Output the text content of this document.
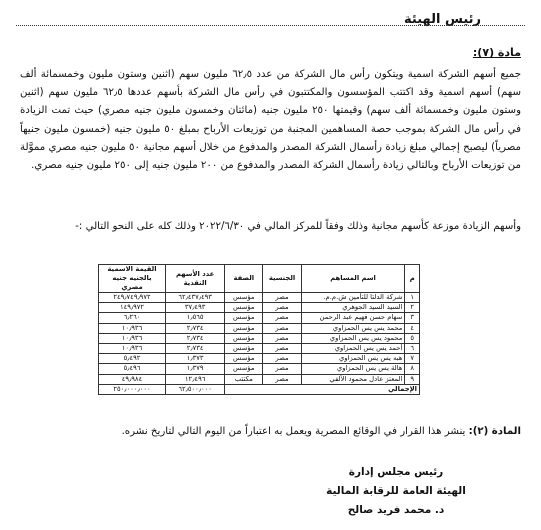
رئيس الهيئة
مادة (٧):
جميع أسهم الشركة اسمية ويتكون رأس مال الشركة من عدد ٦٢٫٥ مليون سهم (اثنين وستون مليون وخمسمائة ألف سهم) أسهم اسمية وقد اكتتب المؤسسون والمكتتبون في رأس مال الشركة بأسهم عددها ٦٢٫٥ مليون سهم (اثنين وستون مليون وخمسمائة ألف سهم) وقيمتها ٢٥٠ مليون جنيه (مائتان وخمسون مليون جنيه مصري) حيث تمت الزيادة في رأس مال الشركة بموجب حصة المساهمين المجنبة من توزيعات الأرباح بمبلغ ٥٠ مليون جنيه (خمسون مليون جنيهاً مصرياً) ليصبح إجمالي مبلغ زيادة رأسمال الشركة المصدر والمدفوع من خلال أسهم مجانية ٥٠ مليون جنيه مصري مموَّلة من توزيعات الأرباح وبالتالي زيادة رأسمال الشركة المصدر والمدفوع من ٢٠٠ مليون جنيه إلى ٢٥٠ مليون جنيه مصري.
وأسهم الزيادة موزعة كأسهم مجانية وذلك وفقاً للمركز المالي في ٢٠٢٢/٦/٣٠ وذلك كله على النحو التالي :-
م	اسم المساهم	الجنسية	الصفة	عدد الأسهم النقدية	القيمة الاسمية بالجنيه جنيه مصري
١	شركة الدلتا للتأمين ش.م.م.	مصر	مؤسس	٦٢٫٤٣٧٫٤٩٣	٢٤٩٫٧٤٩٫٩٧٢
٢	السيد السيد الجوهري	مصر	مؤسس	٣٧٫٤٩٣	١٤٩٫٩٧٢
٣	سهام حسن فهيم عبد الرحمن	مصر	مؤسس	١٫٥٦٥	٦٫٢٦٠
٤	محمد يس يس الحمزاوي	مصر	مؤسس	٢٫٧٣٤	١٠٫٩٣٦
٥	محمود يس يس الحمزاوي	مصر	مؤسس	٢٫٧٣٤	١٠٫٩٣٦
٦	أحمد يس يس الحمزاوي	مصر	مؤسس	٢٫٧٣٤	١٠٫٩٣٦
٧	هبه يس يس الحمزاوي	مصر	مؤسس	١٫٣٧٣	٥٫٤٩٢
٨	هالة يس يس الحمزاوي	مصر	مؤسس	١٫٣٧٩	٥٫٤٩٦
٩	المعتز عادل محمود الألفي	مصر	مكتتب	١٢٫٤٩٦	٤٩٫٩٨٤
الإجمالي				٦٢٫٥٠٠٫٠٠٠	٢٥٠٫٠٠٠٫٠٠٠
المادة (٢): ينشر هذا القرار في الوقائع المصرية ويعمل به اعتباراً من اليوم التالي لتاريخ نشره.
رئيس مجلس إدارة
الهيئة العامة للرقابة المالية
د. محمد فريد صالح
